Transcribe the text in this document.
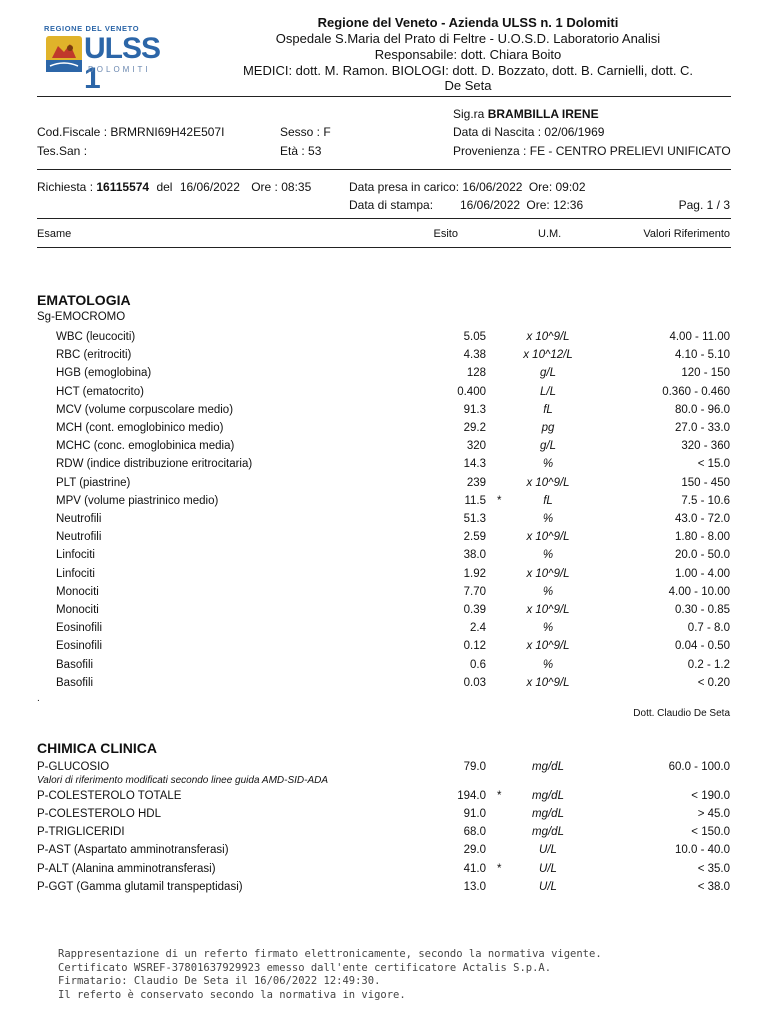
REGIONE DEL VENETO
ULSS 1
DOLOMITI
Regione del Veneto - Azienda ULSS n. 1 Dolomiti
Ospedale S.Maria del Prato di Feltre - U.O.S.D. Laboratorio Analisi
Responsabile: dott. Chiara Boito
MEDICI: dott. M. Ramon. BIOLOGI: dott. D. Bozzato, dott. B. Carnielli, dott. C. De Seta
Sig.ra BRAMBILLA IRENE
Cod.Fiscale : BRMRNI69H42E507I	Sesso : F	Data di Nascita : 02/06/1969
Tes.San :	Età : 53	Provenienza : FE - CENTRO PRELIEVI UNIFICATO
Richiesta : 16115574 del 16/06/2022 Ore : 08:35	Data presa in carico: 16/06/2022 Ore: 09:02
Data di stampa: 16/06/2022 Ore: 12:36	Pag. 1 / 3
Esame	Esito	U.M.	Valori Riferimento
EMATOLOGIA
Sg-EMOCROMO
WBC (leucociti)	5.05	x 10^9/L	4.00 - 11.00
RBC (eritrociti)	4.38	x 10^12/L	4.10 - 5.10
HGB (emoglobina)	128	g/L	120 - 150
HCT (ematocrito)	0.400	L/L	0.360 - 0.460
MCV (volume corpuscolare medio)	91.3	fL	80.0 - 96.0
MCH (cont. emoglobinico medio)	29.2	pg	27.0 - 33.0
MCHC (conc. emoglobinica media)	320	g/L	320 - 360
RDW (indice distribuzione eritrocitaria)	14.3	%	< 15.0
PLT (piastrine)	239	x 10^9/L	150 - 450
MPV (volume piastrinico medio)	11.5 *	fL	7.5 - 10.6
Neutrofili	51.3	%	43.0 - 72.0
Neutrofili	2.59	x 10^9/L	1.80 - 8.00
Linfociti	38.0	%	20.0 - 50.0
Linfociti	1.92	x 10^9/L	1.00 - 4.00
Monociti	7.70	%	4.00 - 10.00
Monociti	0.39	x 10^9/L	0.30 - 0.85
Eosinofili	2.4	%	0.7 - 8.0
Eosinofili	0.12	x 10^9/L	0.04 - 0.50
Basofili	0.6	%	0.2 - 1.2
Basofili	0.03	x 10^9/L	< 0.20
.
Dott. Claudio De Seta
CHIMICA CLINICA
P-GLUCOSIO	79.0	mg/dL	60.0 - 100.0
P-COLESTEROLO TOTALE	194.0 *	mg/dL	< 190.0
P-COLESTEROLO HDL	91.0	mg/dL	> 45.0
P-TRIGLICERIDI	68.0	mg/dL	< 150.0
P-AST (Aspartato amminotransferasi)	29.0	U/L	10.0 - 40.0
P-ALT (Alanina amminotransferasi)	41.0 *	U/L	< 35.0
P-GGT (Gamma glutamil transpeptidasi)	13.0	U/L	< 38.0
Valori di riferimento modificati secondo linee guida AMD-SID-ADA
Rappresentazione di un referto firmato elettronicamente, secondo la normativa vigente.
Certificato WSREF-37801637929923 emesso dall'ente certificatore Actalis S.p.A.
Firmatario: Claudio De Seta il 16/06/2022 12:49:30.
Il referto è conservato secondo la normativa in vigore.
